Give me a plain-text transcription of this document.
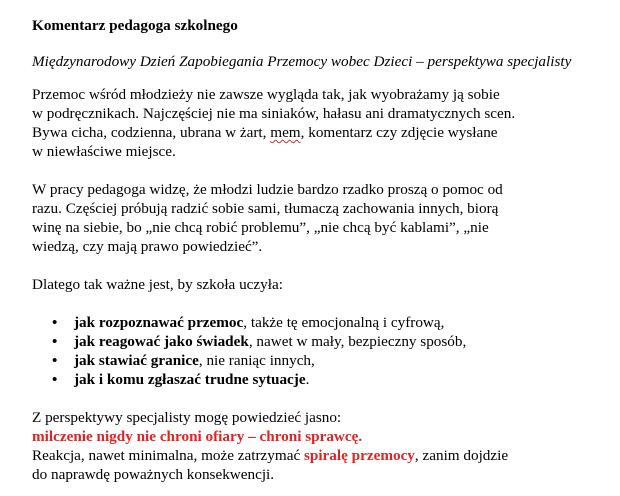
Komentarz pedagoga szkolnego

Międzynarodowy Dzień Zapobiegania Przemocy wobec Dzieci – perspektywa specjalisty

Przemoc wśród młodzieży nie zawsze wygląda tak, jak wyobrażamy ją sobie
w podręcznikach. Najczęściej nie ma siniaków, hałasu ani dramatycznych scen.
Bywa cicha, codzienna, ubrana w żart, mem, komentarz czy zdjęcie wysłane
w niewłaściwe miejsce.
W pracy pedagoga widzę, że młodzi ludzie bardzo rzadko proszą o pomoc od
razu. Częściej próbują radzić sobie sami, tłumaczą zachowania innych, biorą
winę na siebie, bo „nie chcą robić problemu”, „nie chcą być kablami”, „nie
wiedzą, czy mają prawo powiedzieć”.

Dlatego tak ważne jest, by szkoła uczyła:

• jak rozpoznawać przemoc, także tę emocjonalną i cyfrową,
• jak reagować jako świadek, nawet w mały, bezpieczny sposób,
• jak stawiać granice, nie raniąc innych,
• jak i komu zgłaszać trudne sytuacje.
Z perspektywy specjalisty mogę powiedzieć jasno:
milczenie nigdy nie chroni ofiary – chroni sprawcę.
Reakcja, nawet minimalna, może zatrzymać spiralę przemocy, zanim dojdzie
do naprawdę poważnych konsekwencji.
